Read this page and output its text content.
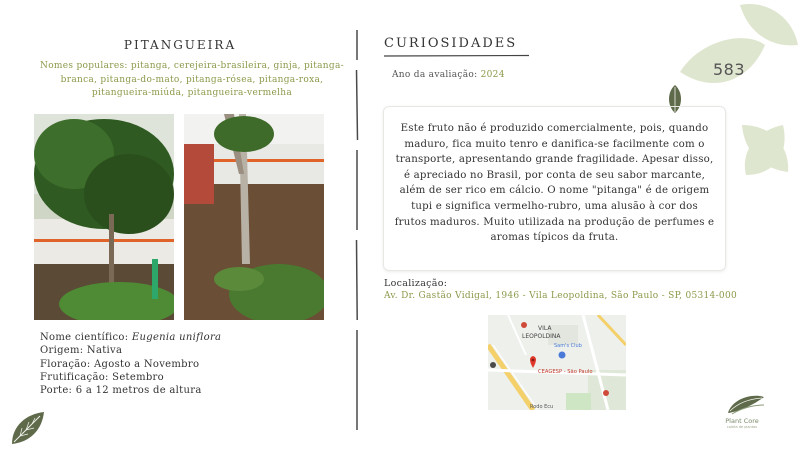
PITANGUEIRA
Nomes populares: pitanga, cerejeira-brasileira, ginja, pitanga-branca, pitanga-do-mato, pitanga-rósea, pitanga-roxa, pitangueira-miúda, pitangueira-vermelha
Nome científico: Eugenia uniflora
Origem: Nativa
Floração: Agosto a Novembro
Frutificação: Setembro
Porte: 6 a 12 metros de altura
CURIOSIDADES
Ano da avaliação: 2024
Este fruto não é produzido comercialmente, pois, quando maduro, fica muito tenro e danifica-se facilmente com o transporte, apresentando grande fragilidade. Apesar disso, é apreciado no Brasil, por conta de seu sabor marcante, além de ser rico em cálcio. O nome "pitanga" é de origem tupi e significa vermelho-rubro, uma alusão à cor dos frutos maduros. Muito utilizada na produção de perfumes e aromas típicos da fruta.
Localização:
Av. Dr. Gastão Vidigal, 1946 - Vila Leopoldina, São Paulo - SP, 05314-000
VILA
LEOPOLDINA
Sam's Club
CEAGESP - São Paulo
Rodo Ecu
583
Plant Core
coleta de plantas
